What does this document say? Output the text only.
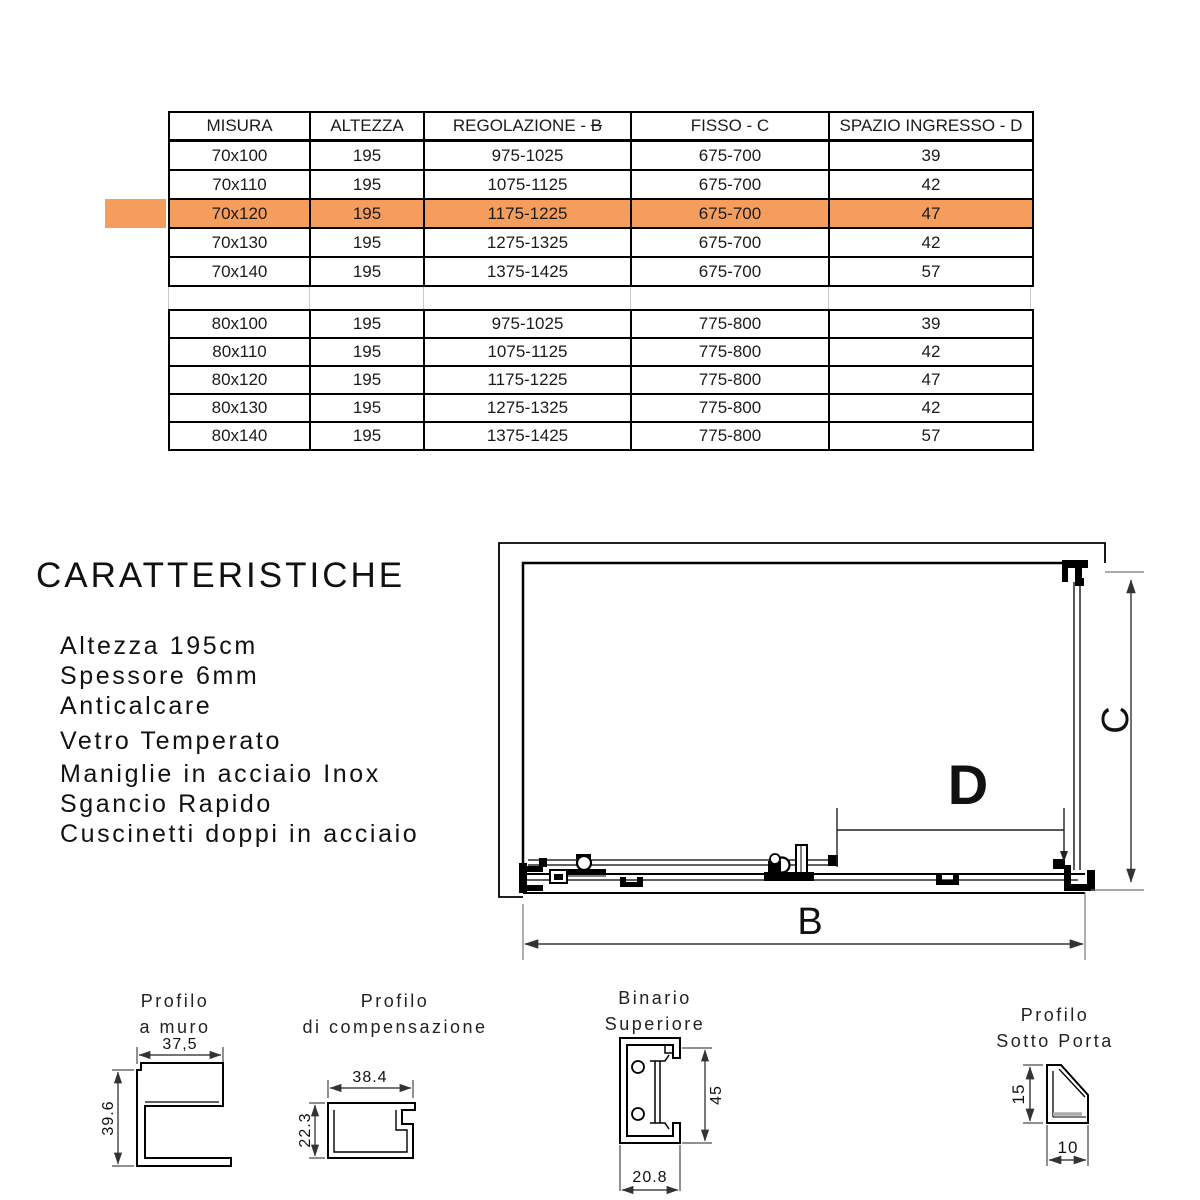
MISURA	ALTEZZA	REGOLAZIONE - B	FISSO - C	SPAZIO INGRESSO - D
70x100	195	975-1025	675-700	39
70x110	195	1075-1125	675-700	42
70x120	195	1175-1225	675-700	47
70x130	195	1275-1325	675-700	42
70x140	195	1375-1425	675-700	57
80x100	195	975-1025	775-800	39
80x110	195	1075-1125	775-800	42
80x120	195	1175-1225	775-800	47
80x130	195	1275-1325	775-800	42
80x140	195	1375-1425	775-800	57
CARATTERISTICHE
Altezza 195cm
Spessore 6mm
Anticalcare
Vetro Temperato
Maniglie in acciaio Inox
Sgancio Rapido
Cuscinetti doppi in acciaio
D
B
C
Profilo
a muro
37,5
39.6
Profilo
di compensazione
38.4
22.3
Binario
Superiore
45
20.8
Profilo
Sotto Porta
15
10
